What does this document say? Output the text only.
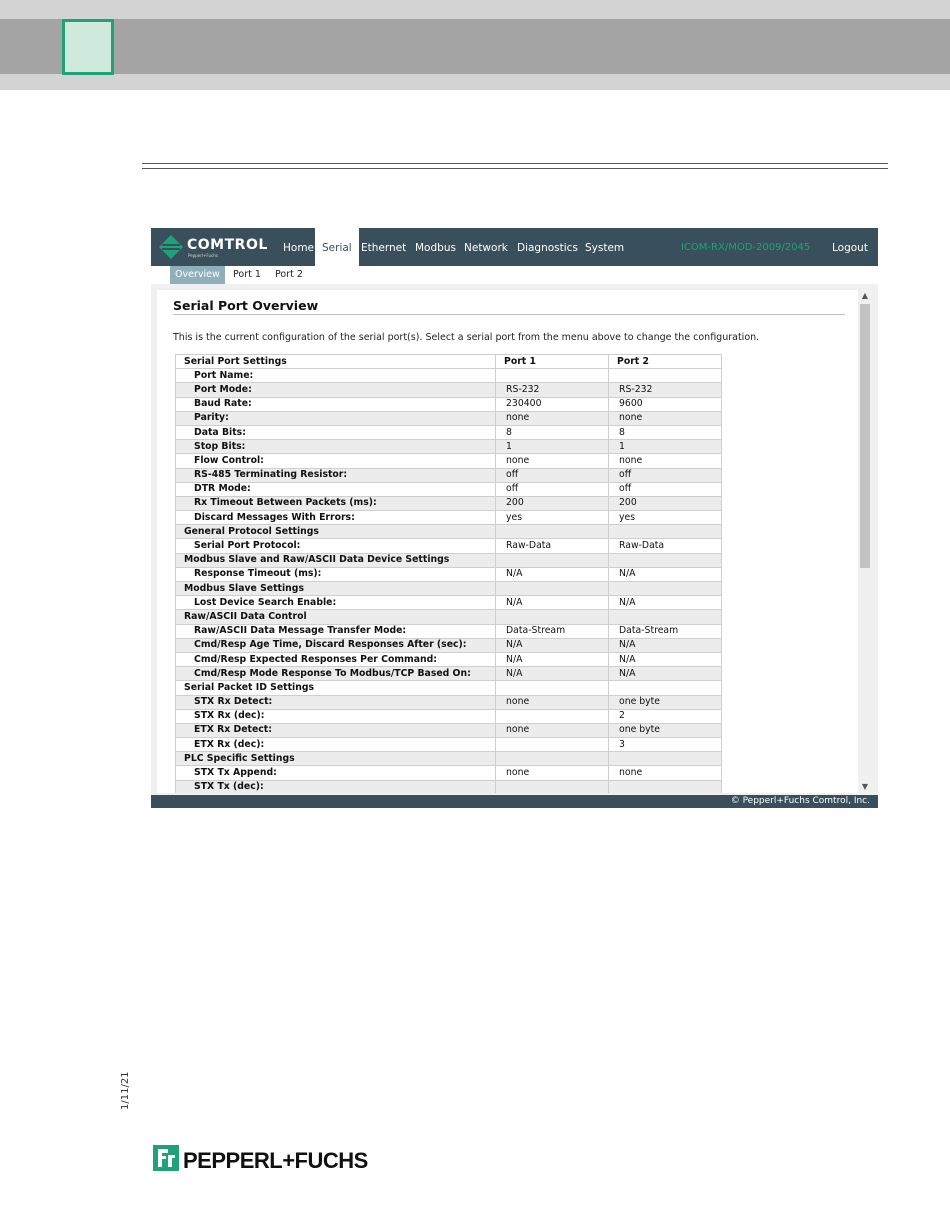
COMTROL
Pepperl+Fuchs
Home Serial Ethernet Modbus Network Diagnostics System	ICOM-RX/MOD-2009/2045 Logout
Overview	Port 1 Port 2
Serial Port Overview
This is the current configuration of the serial port(s). Select a serial port from the menu above to change the configuration.
Serial Port Settings	Port 1	Port 2
Port Name:		
Port Mode:	RS-232	RS-232
Baud Rate:	230400	9600
Parity:	none	none
Data Bits:	8	8
Stop Bits:	1	1
Flow Control:	none	none
RS-485 Terminating Resistor:	off	off
DTR Mode:	off	off
Rx Timeout Between Packets (ms):	200	200
Discard Messages With Errors:	yes	yes
General Protocol Settings		
Serial Port Protocol:	Raw-Data	Raw-Data
Modbus Slave and Raw/ASCII Data Device Settings		
Response Timeout (ms):	N/A	N/A
Modbus Slave Settings		
Lost Device Search Enable:	N/A	N/A
Raw/ASCII Data Control		
Raw/ASCII Data Message Transfer Mode:	Data-Stream	Data-Stream
Cmd/Resp Age Time, Discard Responses After (sec):	N/A	N/A
Cmd/Resp Expected Responses Per Command:	N/A	N/A
Cmd/Resp Mode Response To Modbus/TCP Based On:	N/A	N/A
Serial Packet ID Settings		
STX Rx Detect:	none	one byte
STX Rx (dec):		2
ETX Rx Detect:	none	one byte
ETX Rx (dec):		3
PLC Specific Settings		
STX Tx Append:	none	none
STX Tx (dec):		
▲
▼
© Pepperl+Fuchs Comtrol, Inc.
1/11/21
PEPPERL+FUCHS
